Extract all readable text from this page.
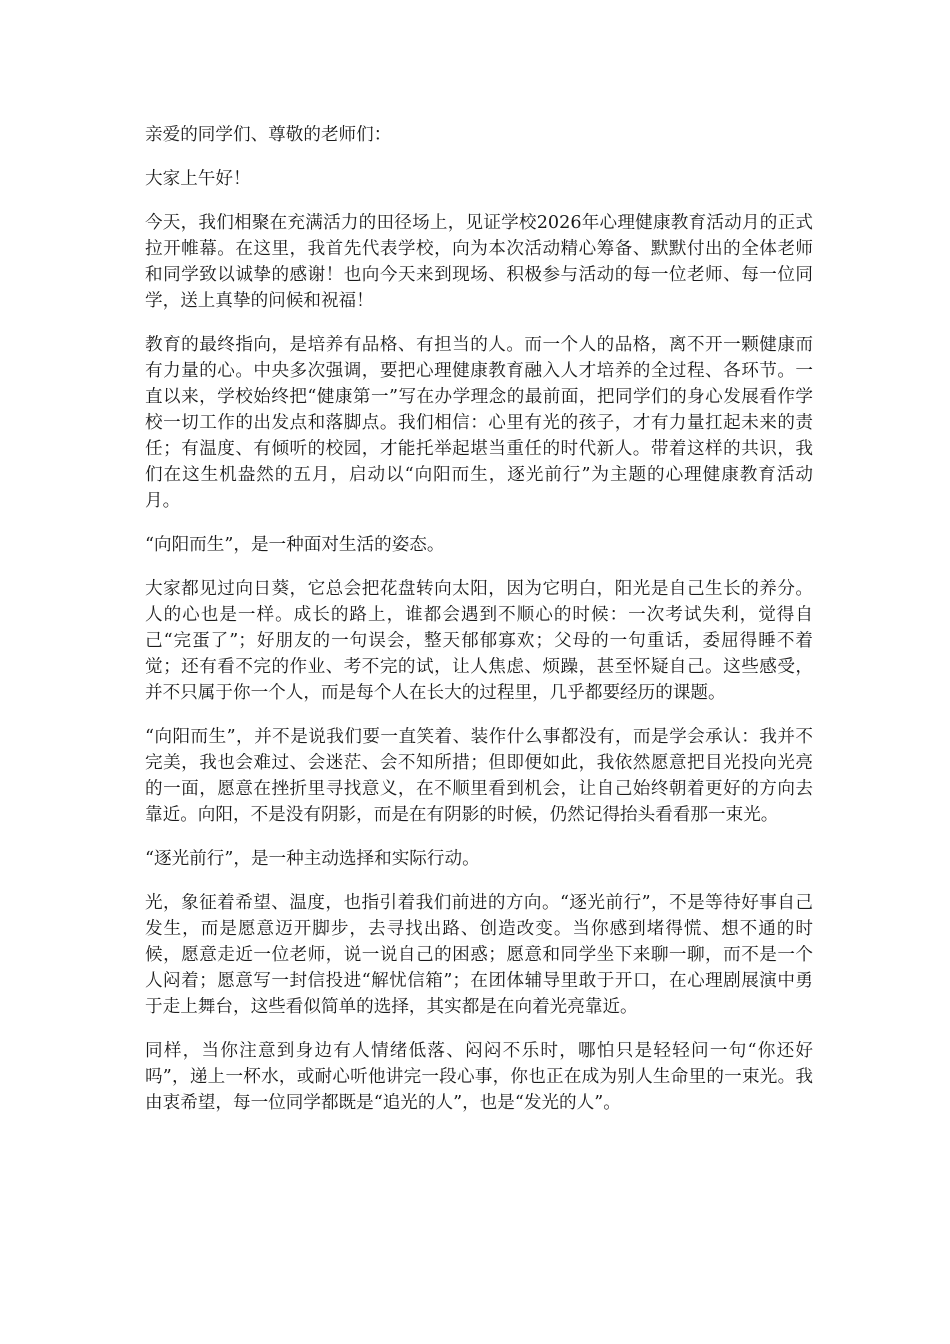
亲爱的同学们、尊敬的老师们：

大家上午好！

今天，我们相聚在充满活力的田径场上，见证学校2026年心理健康教育活动月的正式拉开帷幕。在这里，我首先代表学校，向为本次活动精心筹备、默默付出的全体老师和同学致以诚挚的感谢！也向今天来到现场、积极参与活动的每一位老师、每一位同学，送上真挚的问候和祝福！

教育的最终指向，是培养有品格、有担当的人。而一个人的品格，离不开一颗健康而有力量的心。中央多次强调，要把心理健康教育融入人才培养的全过程、各环节。一直以来，学校始终把“健康第一”写在办学理念的最前面，把同学们的身心发展看作学校一切工作的出发点和落脚点。我们相信：心里有光的孩子，才有力量扛起未来的责任；有温度、有倾听的校园，才能托举起堪当重任的时代新人。带着这样的共识，我们在这生机盎然的五月，启动以“向阳而生，逐光前行”为主题的心理健康教育活动月。

“向阳而生”，是一种面对生活的姿态。

大家都见过向日葵，它总会把花盘转向太阳，因为它明白，阳光是自己生长的养分。人的心也是一样。成长的路上，谁都会遇到不顺心的时候：一次考试失利，觉得自己“完蛋了”；好朋友的一句误会，整天郁郁寡欢；父母的一句重话，委屈得睡不着觉；还有看不完的作业、考不完的试，让人焦虑、烦躁，甚至怀疑自己。这些感受，并不只属于你一个人，而是每个人在长大的过程里，几乎都要经历的课题。

“向阳而生”，并不是说我们要一直笑着、装作什么事都没有，而是学会承认：我并不完美，我也会难过、会迷茫、会不知所措；但即便如此，我依然愿意把目光投向光亮的一面，愿意在挫折里寻找意义，在不顺里看到机会，让自己始终朝着更好的方向去靠近。向阳，不是没有阴影，而是在有阴影的时候，仍然记得抬头看看那一束光。

“逐光前行”，是一种主动选择和实际行动。

光，象征着希望、温度，也指引着我们前进的方向。“逐光前行”，不是等待好事自己发生，而是愿意迈开脚步，去寻找出路、创造改变。当你感到堵得慌、想不通的时候，愿意走近一位老师，说一说自己的困惑；愿意和同学坐下来聊一聊，而不是一个人闷着；愿意写一封信投进“解忧信箱”；在团体辅导里敢于开口，在心理剧展演中勇于走上舞台，这些看似简单的选择，其实都是在向着光亮靠近。

同样，当你注意到身边有人情绪低落、闷闷不乐时，哪怕只是轻轻问一句“你还好吗”，递上一杯水，或耐心听他讲完一段心事，你也正在成为别人生命里的一束光。我由衷希望，每一位同学都既是“追光的人”，也是“发光的人”。
